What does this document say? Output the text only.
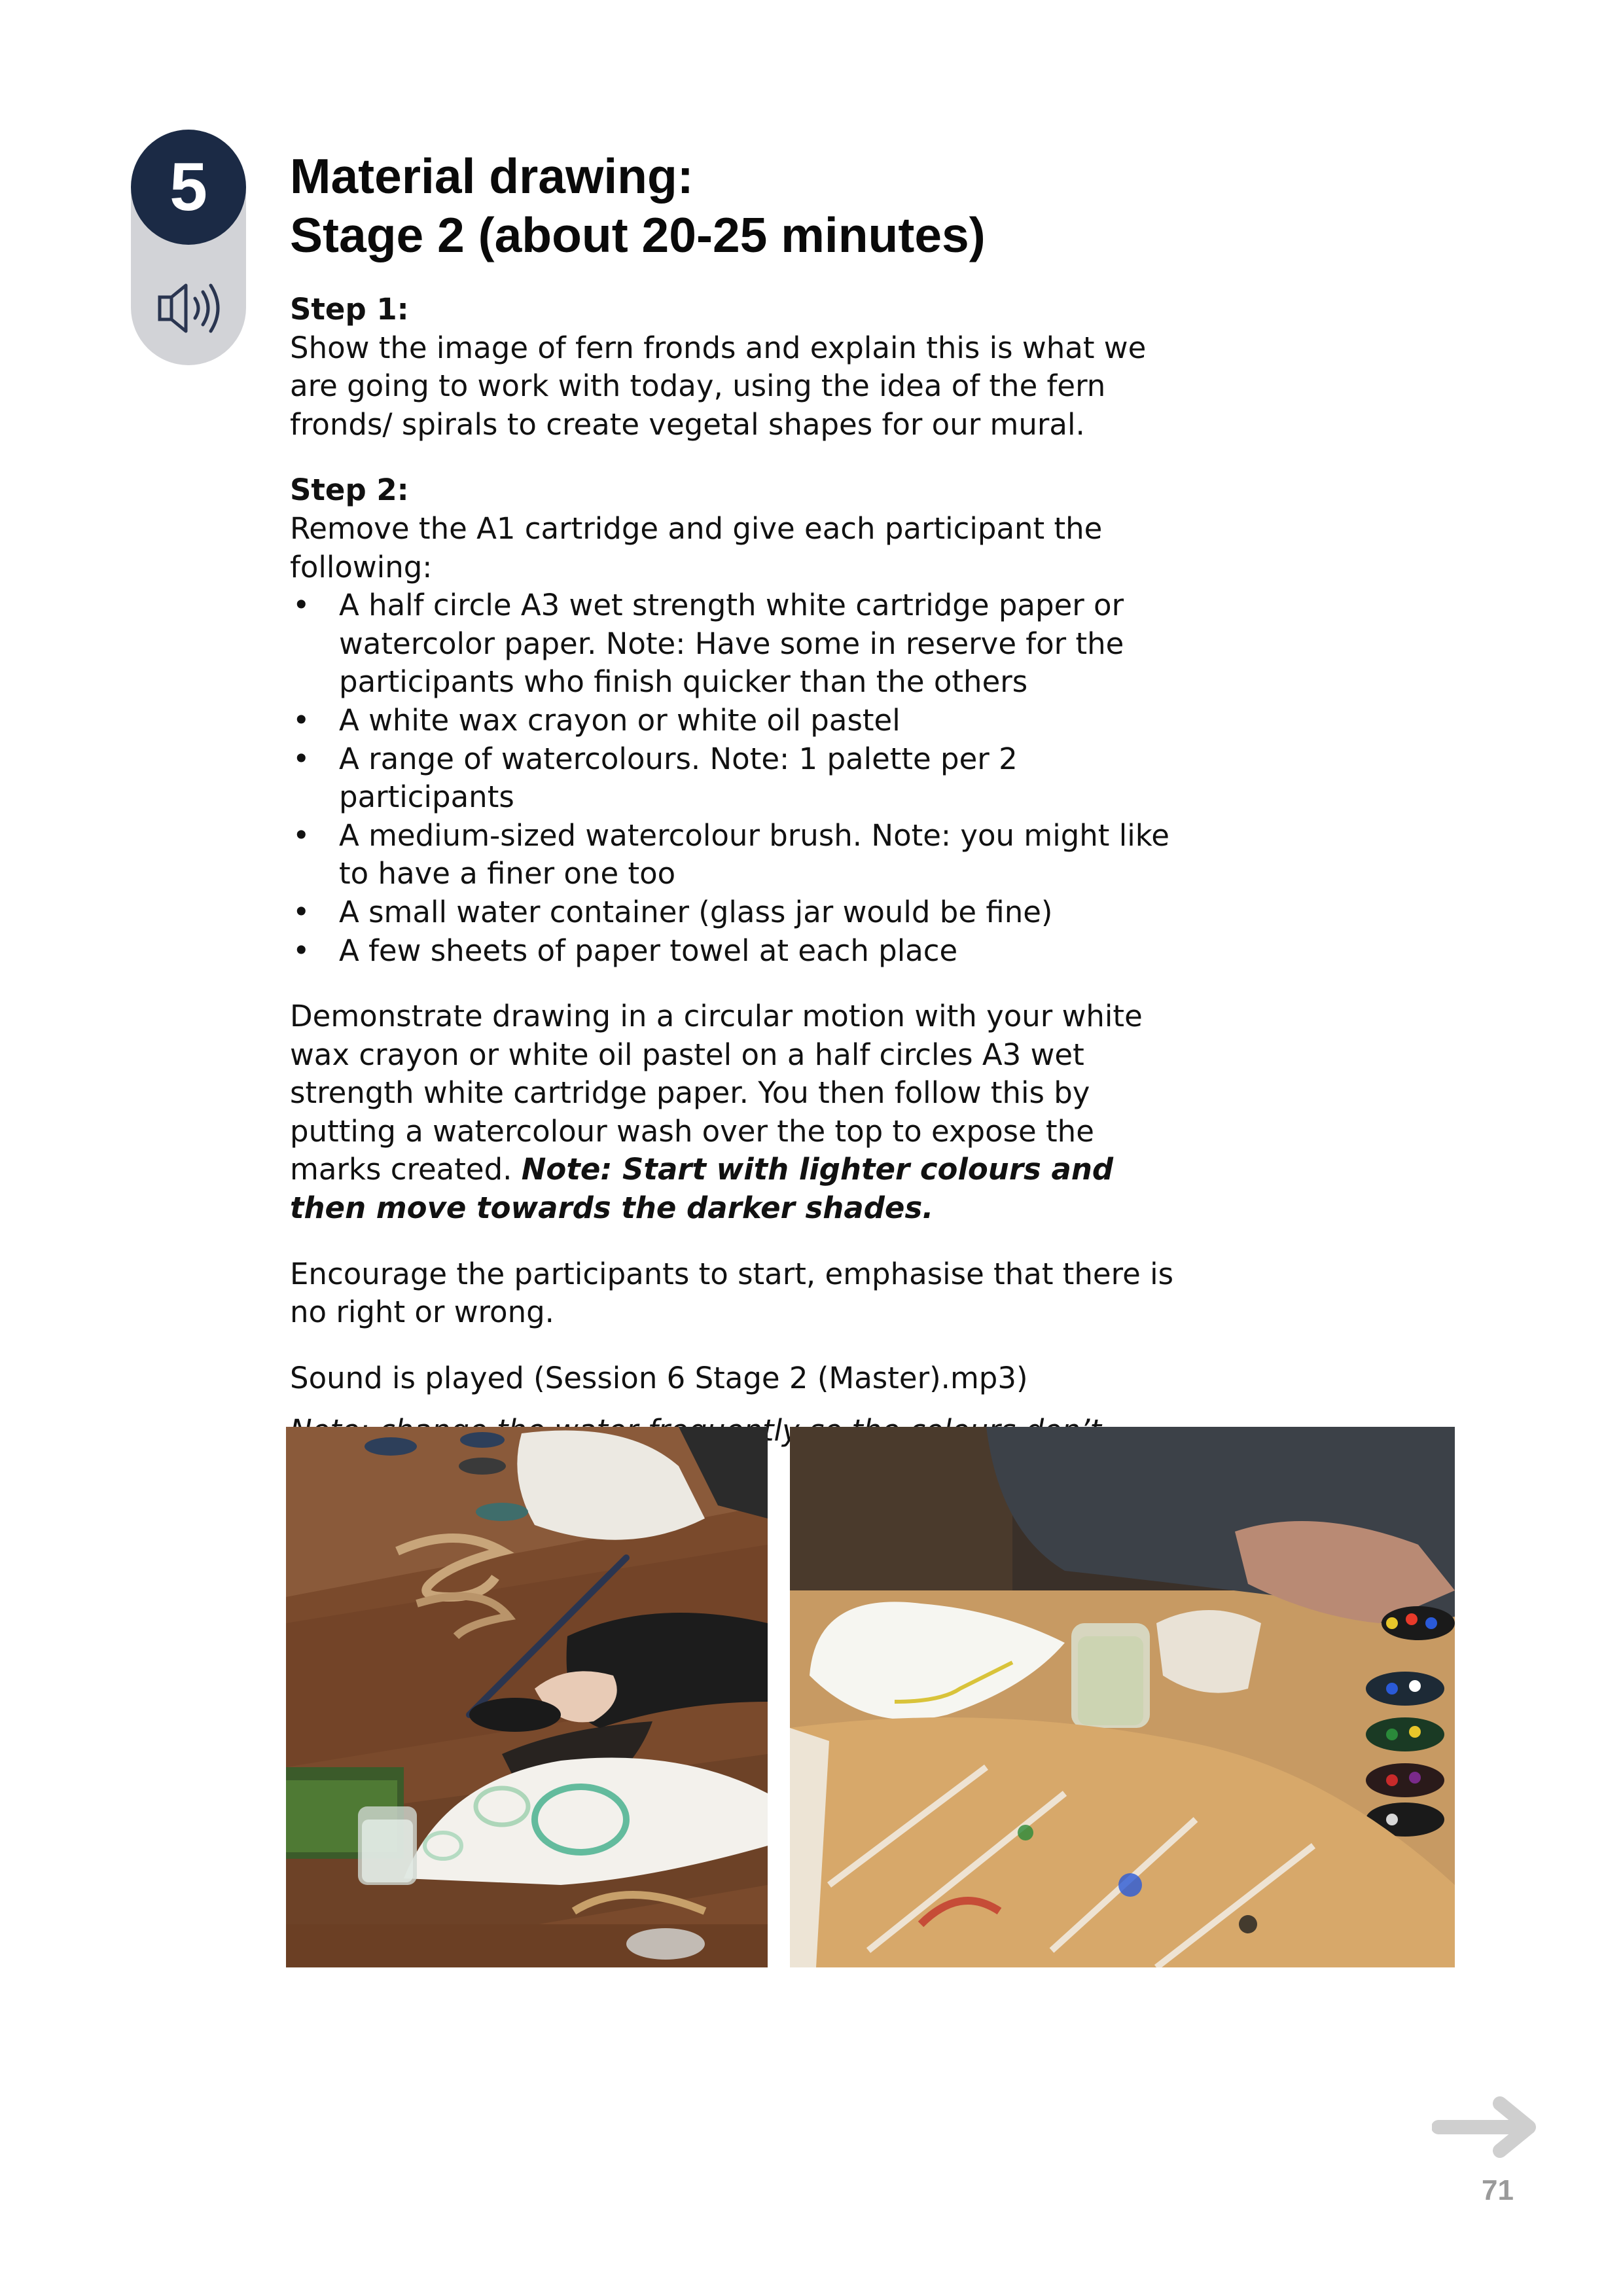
5	Material drawing:
Stage 2 (about 20-25 minutes)
Step 1:

Show the image of fern fronds and explain this is what we are going to work with today, using the idea of the fern fronds/ spirals to create vegetal shapes for our mural.

Step 2:

Remove the A1 cartridge and give each participant the following:

• A half circle A3 wet strength white cartridge paper or watercolor paper. Note: Have some in reserve for the participants who finish quicker than the others
• A white wax crayon or white oil pastel
• A range of watercolours. Note: 1 palette per 2 participants
• A medium-sized watercolour brush. Note: you might like to have a finer one too
• A small water container (glass jar would be fine)
• A few sheets of paper towel at each place

Demonstrate drawing in a circular motion with your white wax crayon or white oil pastel on a half circles A3 wet strength white cartridge paper. You then follow this by putting a watercolour wash over the top to expose the marks created. Note: Start with lighter colours and then move towards the darker shades.

Encourage the participants to start, emphasise that there is no right or wrong.

Sound is played (Session 6 Stage 2 (Master).mp3)

71
